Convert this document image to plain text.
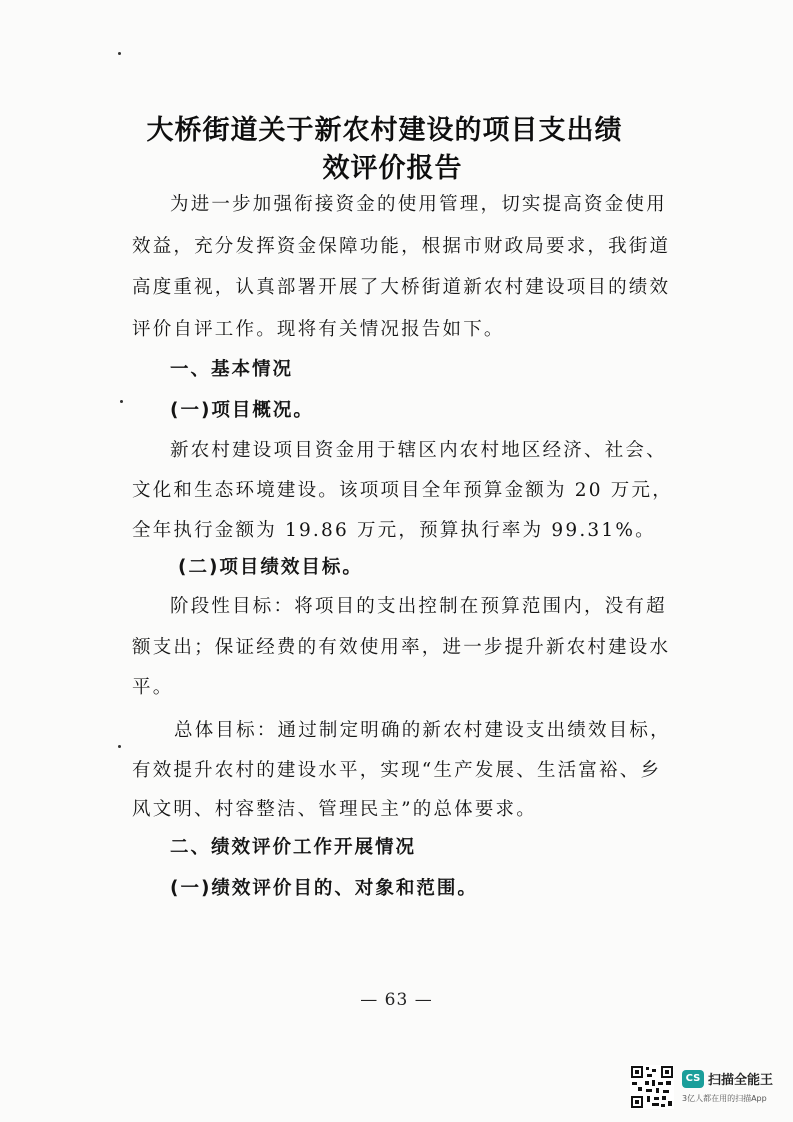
大桥街道关于新农村建设的项目支出绩
效评价报告
为进一步加强衔接资金的使用管理，切实提高资金使用
效益，充分发挥资金保障功能，根据市财政局要求，我街道
高度重视，认真部署开展了大桥街道新农村建设项目的绩效
评价自评工作。现将有关情况报告如下。
一、基本情况
(一)项目概况。
新农村建设项目资金用于辖区内农村地区经济、社会、
文化和生态环境建设。该项项目全年预算金额为 20 万元，
全年执行金额为 19.86 万元，预算执行率为 99.31%。
(二)项目绩效目标。
阶段性目标：将项目的支出控制在预算范围内，没有超
额支出；保证经费的有效使用率，进一步提升新农村建设水
平。
总体目标：通过制定明确的新农村建设支出绩效目标，
有效提升农村的建设水平，实现“生产发展、生活富裕、乡
风文明、村容整洁、管理民主”的总体要求。
二、绩效评价工作开展情况
(一)绩效评价目的、对象和范围。
— 63 —
CS 扫描全能王
3亿人都在用的扫描App
